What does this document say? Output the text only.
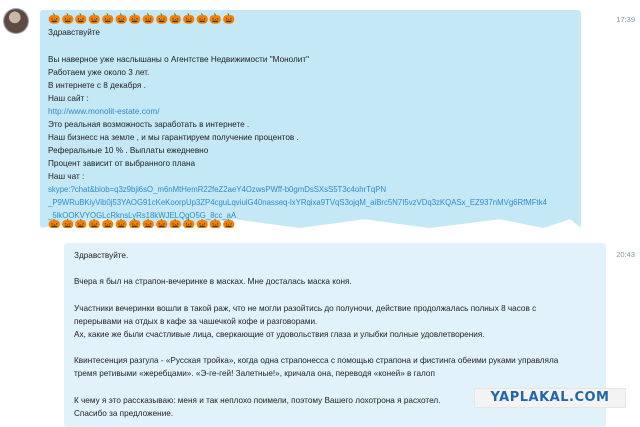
17:39
🎃🎃🎃🎃🎃🎃🎃🎃🎃🎃🎃🎃🎃🎃
Здравствуйте
Вы наверное уже наслышаны о Агентстве Недвижимости "Монолит"
Работаем уже около 3 лет.
В интернете с 8 декабря .
Наш сайт :
http://www.monolit-estate.com/
Это реальная возможность заработать в интернете .
Наш бизнесс на земле , и мы гарантируем получение процентов .
Реферальные 10 % . Выплаты ежедневно
Процент зависит от выбранного плана
Наш чат :
skype:?chat&blob=q3z9bji6sO_m6nMtHemR22feZ2aeY4OzwsPWff-b0gmDsSXsS5T3c4ohrTqPN
_P9WRuBKiyVib0j53YAOG91cKeKoorpUp3ZP4cguLqviulG40nasseq-lxYRqixa9TVqS3ojqM_aiBrc5N7I5vzVDq3zKQASx_EZ937nMVg6RfMFtk4
_5lkOOKVYOGLcRknsLyRs18kWJELQgO5G_8cc_aA
🎃🎃🎃🎃🎃🎃🎃🎃🎃🎃🎃🎃🎃🎃
20:43
Здравствуйте.
Вчера я был на страпон-вечеринке в масках. Мне досталась маска коня.
Участники вечеринки вошли в такой раж, что не могли разойтись до полуночи, действие продолжалась полных 8 часов с
перерывами на отдых в кафе за чашечкой кофе и разговорами.
Ах, какие же были счастливые лица, сверкающие от удовольствия глаза и улыбки полные удовлетворения.
Квинтесенция разгула - «Русская тройка», когда одна страпонесса с помощью страпона и фистинга обеими руками управляла
тремя ретивыми «жеребцами». «Э-ге-гей! Залетные!», кричала она, переводя «коней» в галоп
К чему я это рассказываю: меня и так неплохо поимели, поэтому Вашего лохотрона я расхотел.
Спасибо за предложение.
YAPLAKAL.COM
